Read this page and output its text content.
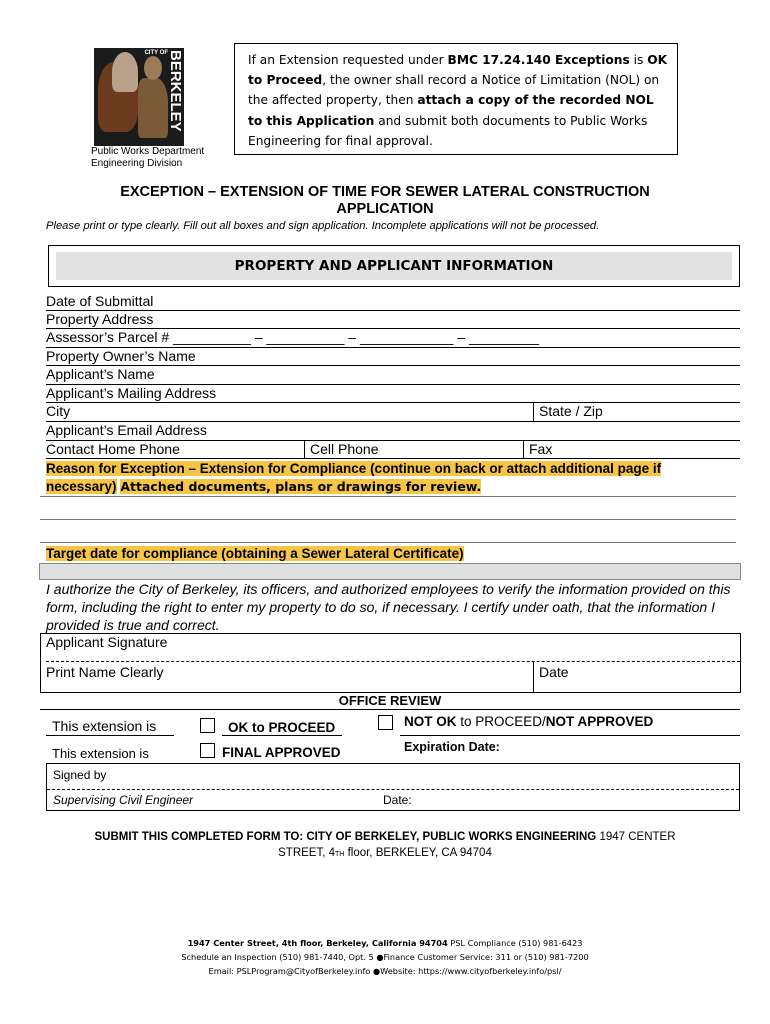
CITY OF BERKELEY
Public Works Department
Engineering Division
If an Extension requested under BMC 17.24.140 Exceptions is OK to Proceed, the owner shall record a Notice of Limitation (NOL) on the affected property, then attach a copy of the recorded NOL to this Application and submit both documents to Public Works Engineering for final approval.
EXCEPTION – EXTENSION OF TIME FOR SEWER LATERAL CONSTRUCTION
APPLICATION
Please print or type clearly. Fill out all boxes and sign application. Incomplete applications will not be processed.
PROPERTY AND APPLICANT INFORMATION
Date of Submittal
Property Address
Assessor’s Parcel # __________ – __________ – ____________ – _________
Property Owner’s Name
Applicant’s Name
Applicant’s Mailing Address
City	State / Zip
Applicant’s Email Address
Contact Home Phone	Cell Phone	Fax
Reason for Exception – Extension for Compliance (continue on back or attach additional page if
necessary) Attached documents, plans or drawings for review.
Target date for compliance (obtaining a Sewer Lateral Certificate)
I authorize the City of Berkeley, its officers, and authorized employees to verify the information provided on this form, including the right to enter my property to do so, if necessary. I certify under oath, that the information I provided is true and correct.
Applicant Signature
Print Name Clearly	Date
OFFICE REVIEW
This extension is	OK to PROCEED	NOT OK to PROCEED/NOT APPROVED
This extension is	FINAL APPROVED	Expiration Date:
Signed by
Supervising Civil Engineer	Date:
SUBMIT THIS COMPLETED FORM TO: CITY OF BERKELEY, PUBLIC WORKS ENGINEERING 1947 CENTER
STREET, 4TH floor, BERKELEY, CA 94704
1947 Center Street, 4th floor, Berkeley, California 94704 PSL Compliance (510) 981-6423
Schedule an Inspection (510) 981-7440, Opt. 5 ●Finance Customer Service: 311 or (510) 981-7200
Email: PSLProgram@CityofBerkeley.info ●Website: https://www.cityofberkeley.info/psl/
